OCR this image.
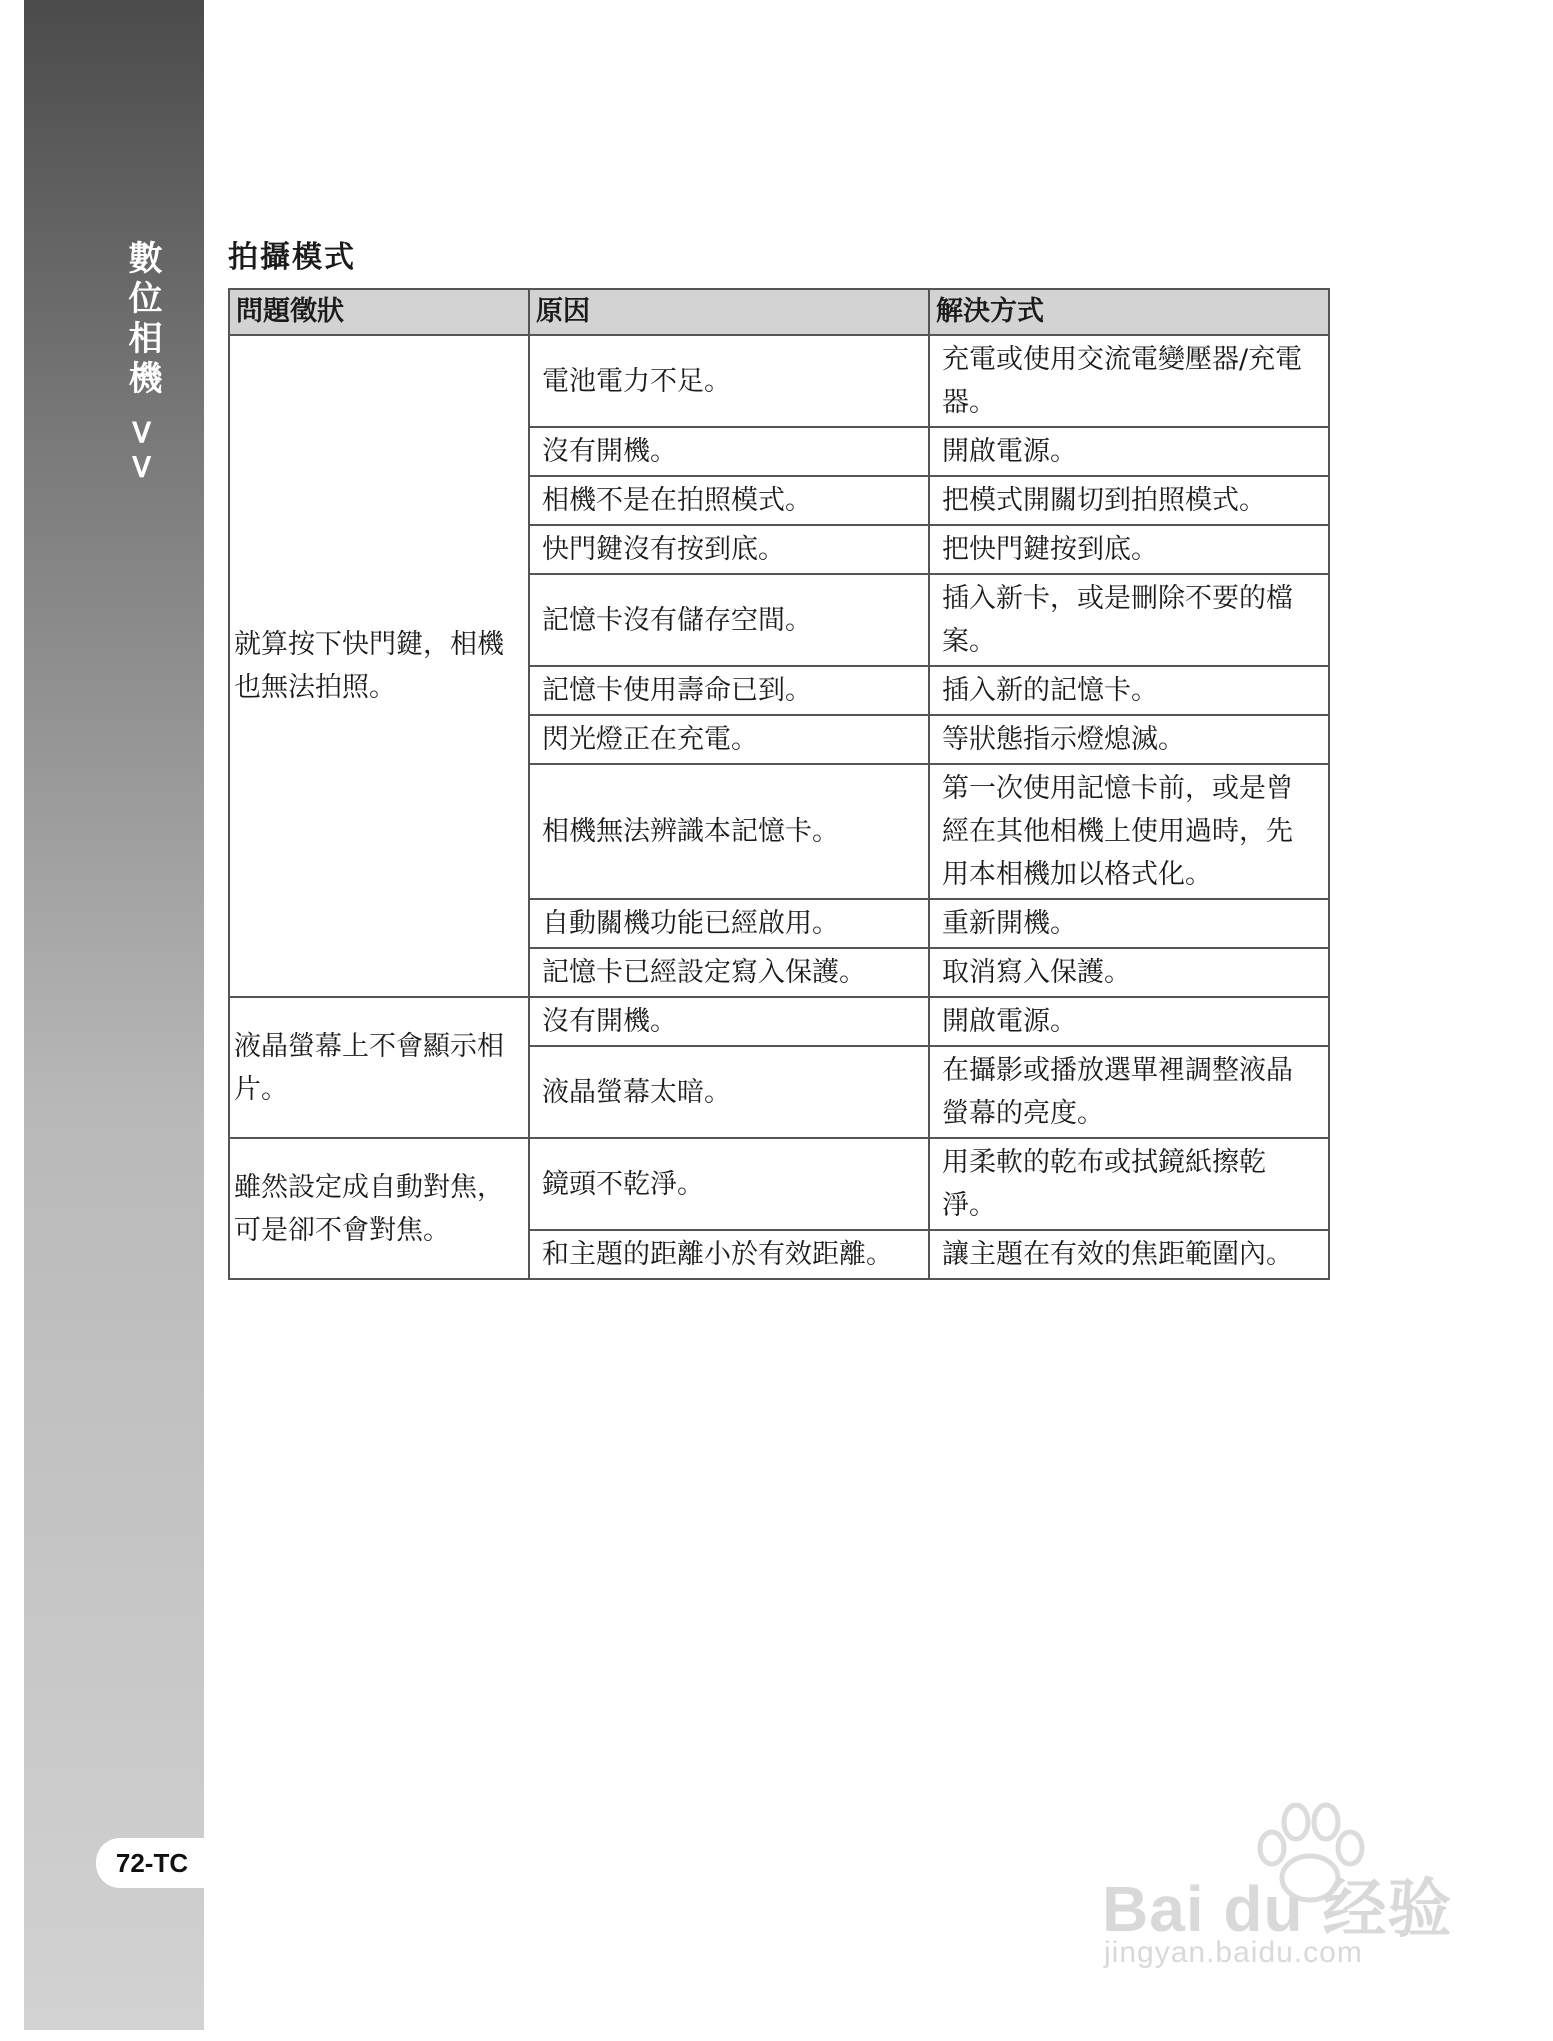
數位相機 >>
72-TC
拍攝模式
問題徵狀	原因	解決方式
就算按下快門鍵，相機也無法拍照。	電池電力不足。	充電或使用交流電變壓器/充電器。
	沒有開機。	開啟電源。
	相機不是在拍照模式。	把模式開關切到拍照模式。
	快門鍵沒有按到底。	把快門鍵按到底。
	記憶卡沒有儲存空間。	插入新卡，或是刪除不要的檔案。
	記憶卡使用壽命已到。	插入新的記憶卡。
	閃光燈正在充電。	等狀態指示燈熄滅。
	相機無法辨識本記憶卡。	第一次使用記憶卡前，或是曾經在其他相機上使用過時，先用本相機加以格式化。
	自動關機功能已經啟用。	重新開機。
	記憶卡已經設定寫入保護。	取消寫入保護。
液晶螢幕上不會顯示相片。	沒有開機。	開啟電源。
	液晶螢幕太暗。	在攝影或播放選單裡調整液晶螢幕的亮度。
雖然設定成自動對焦，可是卻不會對焦。	鏡頭不乾淨。	用柔軟的乾布或拭鏡紙擦乾淨。
	和主題的距離小於有效距離。	讓主題在有效的焦距範圍內。
Bai du 经验
jingyan.baidu.com
